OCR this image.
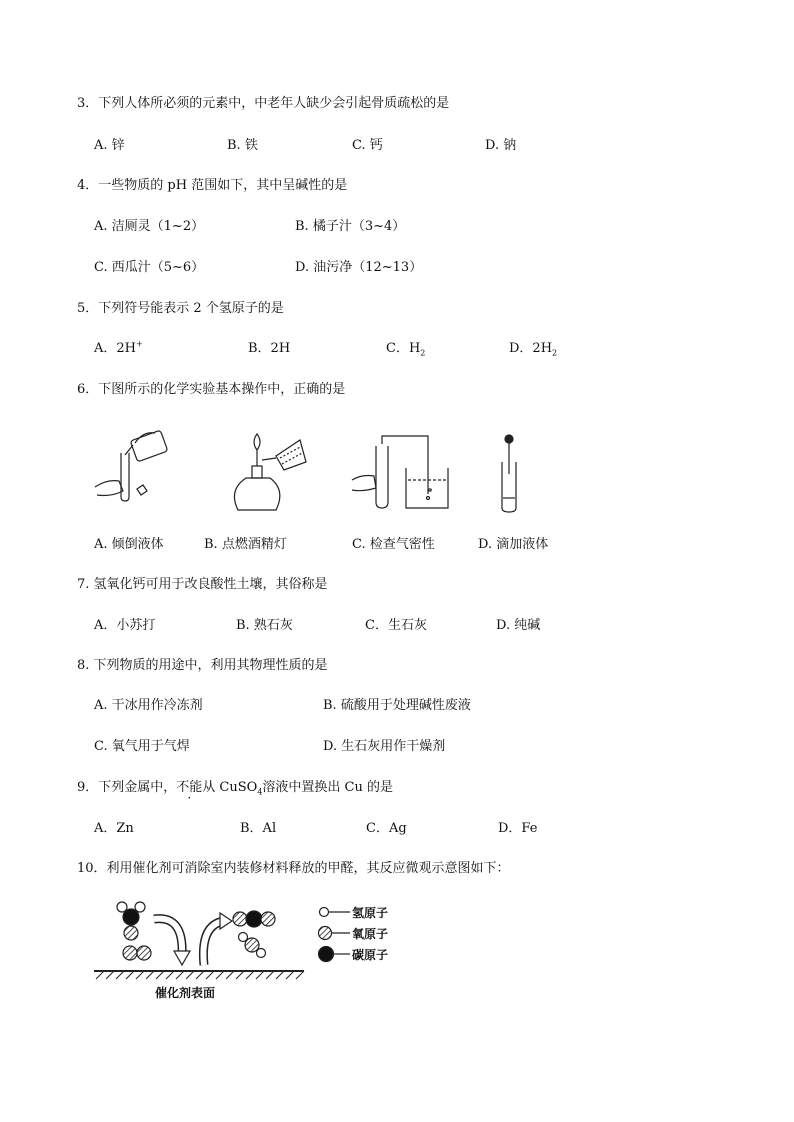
3．下列人体所必须的元素中，中老年人缺少会引起骨质疏松的是
A. 锌	B. 铁	C. 钙	D. 钠
4．一些物质的 pH 范围如下，其中呈碱性的是
A. 洁厕灵（1~2）	B. 橘子汁（3~4）
C. 西瓜汁（5~6）	D. 油污净（12~13）
5．下列符号能表示 2 个氢原子的是
A．2H+	B．2H	C．$H_2$	D．$2H_2$
6．下图所示的化学实验基本操作中，正确的是
A. 倾倒液体	B. 点燃酒精灯	C. 检查气密性	D. 滴加液体
7. 氢氧化钙可用于改良酸性土壤，其俗称是
A．小苏打	B. 熟石灰	C．生石灰	D. 纯碱
8. 下列物质的用途中，利用其物理性质的是
A. 干冰用作冷冻剂	B. 硫酸用于处理碱性废液
C. 氧气用于气焊	D. 生石灰用作干燥剂
9．下列金属中，不能从 CuSO$_4$溶液中置换出 Cu 的是
A．Zn	B．Al	C．Ag	D．Fe
10．利用催化剂可消除室内装修材料释放的甲醛，其反应微观示意图如下：
催化剂表面
氢原子
氧原子
碳原子
